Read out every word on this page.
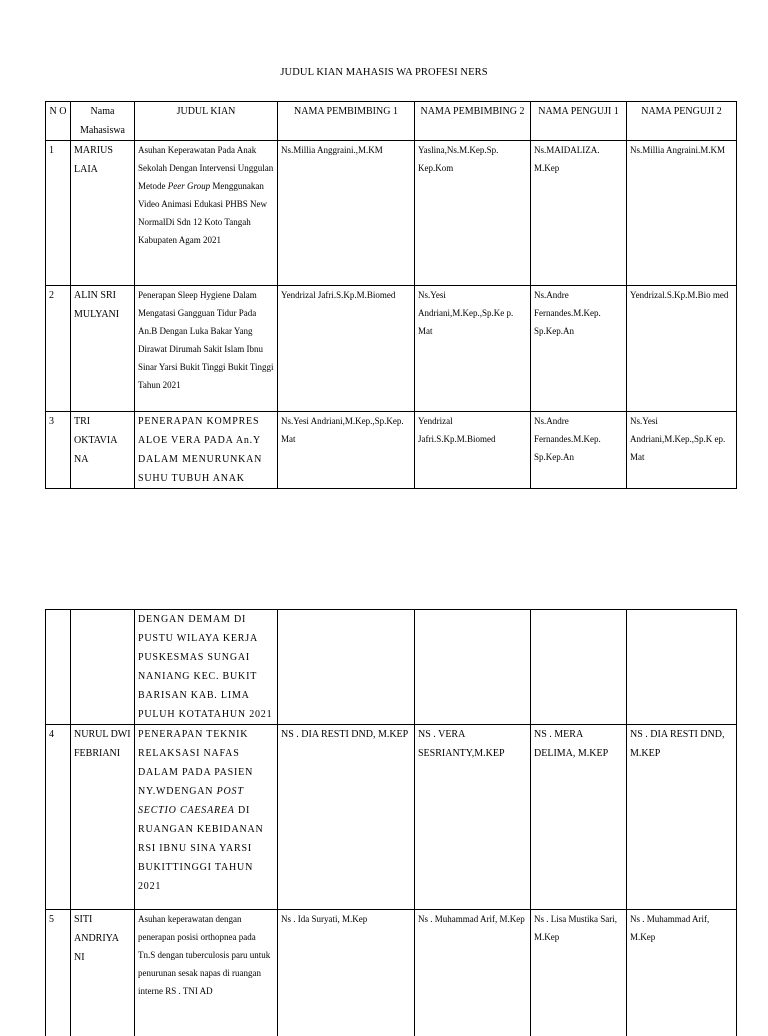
JUDUL KIAN MAHASIS WA PROFESI NERS
N O	Nama Mahasiswa	JUDUL KIAN	NAMA PEMBIMBING 1	NAMA PEMBIMBING 2	NAMA PENGUJI 1	NAMA PENGUJI 2
1	MARIUS LAIA	Asuhan Keperawatan Pada Anak Sekolah Dengan Intervensi Unggulan Metode Peer Group Menggunakan Video Animasi Edukasi PHBS New NormalDi Sdn 12 Koto Tangah Kabupaten Agam 2021	Ns.Millia Anggraini.,M.KM	Yaslina,Ns.M.Kep.Sp. Kep.Kom	Ns.MAIDALIZA. M.Kep	Ns.Millia Angraini.M.KM
2	ALIN SRI MULYANI	Penerapan Sleep Hygiene Dalam Mengatasi Gangguan Tidur Pada An.B Dengan Luka Bakar Yang Dirawat Dirumah Sakit Islam Ibnu Sinar Yarsi Bukit Tinggi Bukit Tinggi Tahun 2021	Yendrizal Jafri.S.Kp.M.Biomed	Ns.Yesi Andriani,M.Kep.,Sp.Ke p. Mat	Ns.Andre Fernandes.M.Kep. Sp.Kep.An	Yendrizal.S.Kp.M.Bio med
3	TRI OKTAVIA NA	PENERAPAN KOMPRES ALOE VERA PADA An.Y DALAM MENURUNKAN SUHU TUBUH ANAK	Ns.Yesi Andriani,M.Kep.,Sp.Kep. Mat	Yendrizal Jafri.S.Kp.M.Biomed	Ns.Andre Fernandes.M.Kep. Sp.Kep.An	Ns.Yesi Andriani,M.Kep.,Sp.K ep. Mat
		DENGAN DEMAM DI PUSTU WILAYA KERJA PUSKESMAS SUNGAI NANIANG KEC. BUKIT BARISAN KAB. LIMA PULUH KOTATAHUN 2021				
4	NURUL DWI FEBRIANI	PENERAPAN TEKNIK RELAKSASI NAFAS DALAM PADA PASIEN NY.WDENGAN POST SECTIO CAESAREA DI RUANGAN KEBIDANAN RSI IBNU SINA YARSI BUKITTINGGI TAHUN 2021	NS . DIA RESTI DND, M.KEP	NS . VERA SESRIANTY,M.KEP	NS . MERA DELIMA, M.KEP	NS . DIA RESTI DND, M.KEP
5	SITI ANDRIYA NI	Asuhan keperawatan dengan penerapan posisi orthopnea pada Tn.S dengan tuberculosis paru untuk penurunan sesak napas di ruangan interne RS . TNI AD	Ns . Ida Suryati, M.Kep	Ns . Muhammad Arif, M.Kep	Ns . Lisa Mustika Sari, M.Kep	Ns . Muhammad Arif, M.Kep
